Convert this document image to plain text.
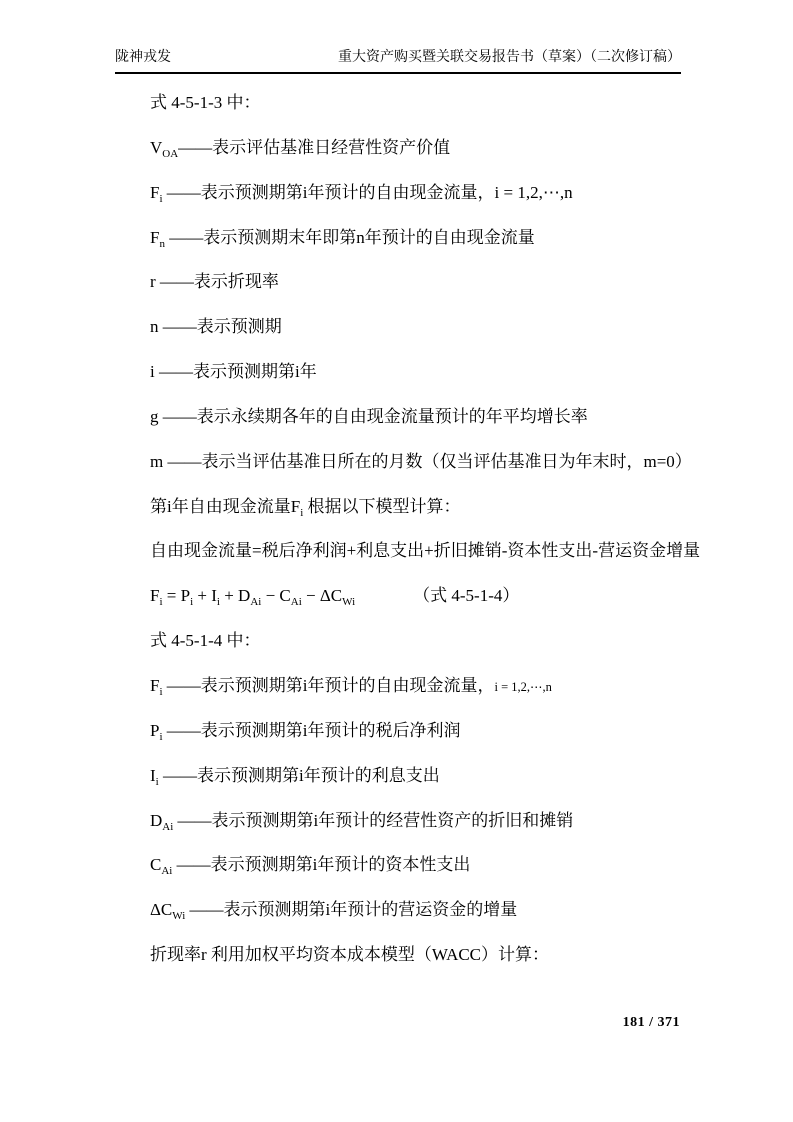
陇神戎发	重大资产购买暨关联交易报告书（草案）（二次修订稿）

式 4-5-1-3 中：

$V_{OA}——$表示评估基准日经营性资产价值

$F_i$ ——表示预测期第i年预计的自由现金流量，i = 1,2,⋯,n

$F_n$ ——表示预测期末年即第n年预计的自由现金流量

r ——表示折现率

n ——表示预测期

i ——表示预测期第i年

g ——表示永续期各年的自由现金流量预计的年平均增长率

m ——表示当评估基准日所在的月数（仅当评估基准日为年末时，m=0）

第i年自由现金流量$F_i$ 根据以下模型计算：

自由现金流量=税后净利润+利息支出+折旧摊销-资本性支出-营运资金增量

$F_i = P_i + I_i + D_{Ai} - C_{Ai} - \Delta C_{Wi}$	（式 4-5-1-4）

式 4-5-1-4 中：

$F_i$ ——表示预测期第i年预计的自由现金流量，i = 1,2,⋯,n

$P_i$ ——表示预测期第i年预计的税后净利润

$I_i$ ——表示预测期第i年预计的利息支出

$D_{Ai}$ ——表示预测期第i年预计的经营性资产的折旧和摊销

$C_{Ai}$ ——表示预测期第i年预计的资本性支出

$\Delta C_{Wi}$ ——表示预测期第i年预计的营运资金的增量

折现率r 利用加权平均资本成本模型（WACC）计算：

181 / 371
